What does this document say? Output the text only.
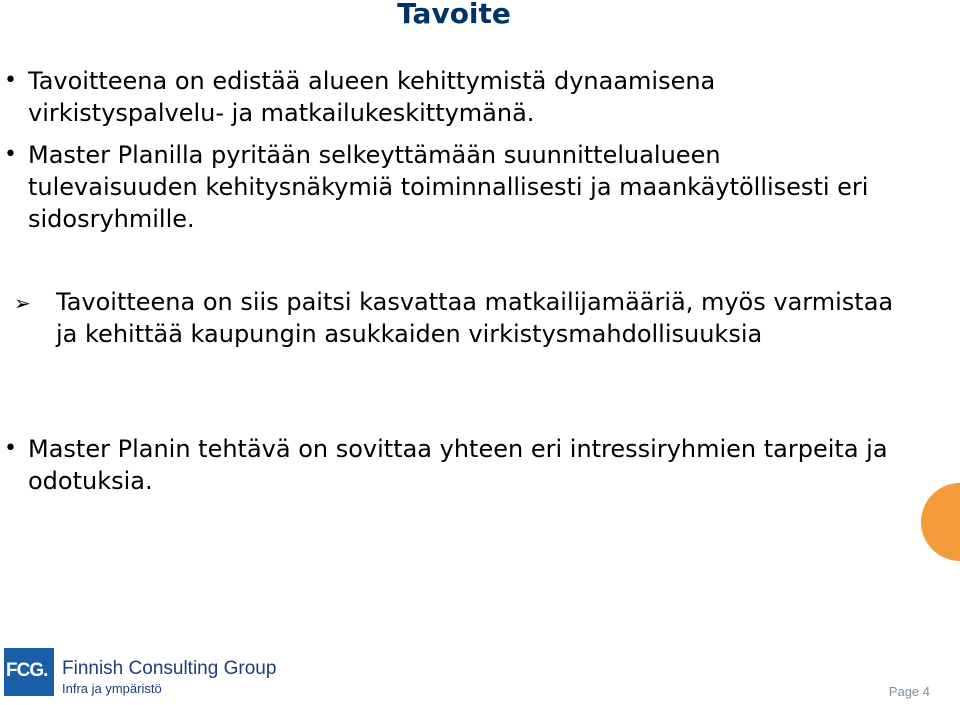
Tavoite
• Tavoitteena on edistää alueen kehittymistä dynaamisena virkistyspalvelu- ja matkailukeskittymänä.
• Master Planilla pyritään selkeyttämään suunnittelualueen tulevaisuuden kehitysnäkymiä toiminnallisesti ja maankäytöllisesti eri sidosryhmille.
➢	Tavoitteena on siis paitsi kasvattaa matkailijamääriä, myös varmistaa ja kehittää kaupungin asukkaiden virkistysmahdollisuuksia
• Master Planin tehtävä on sovittaa yhteen eri intressiryhmien tarpeita ja odotuksia.
FCG. Finnish Consulting Group
Infra ja ympäristö	Page 4
